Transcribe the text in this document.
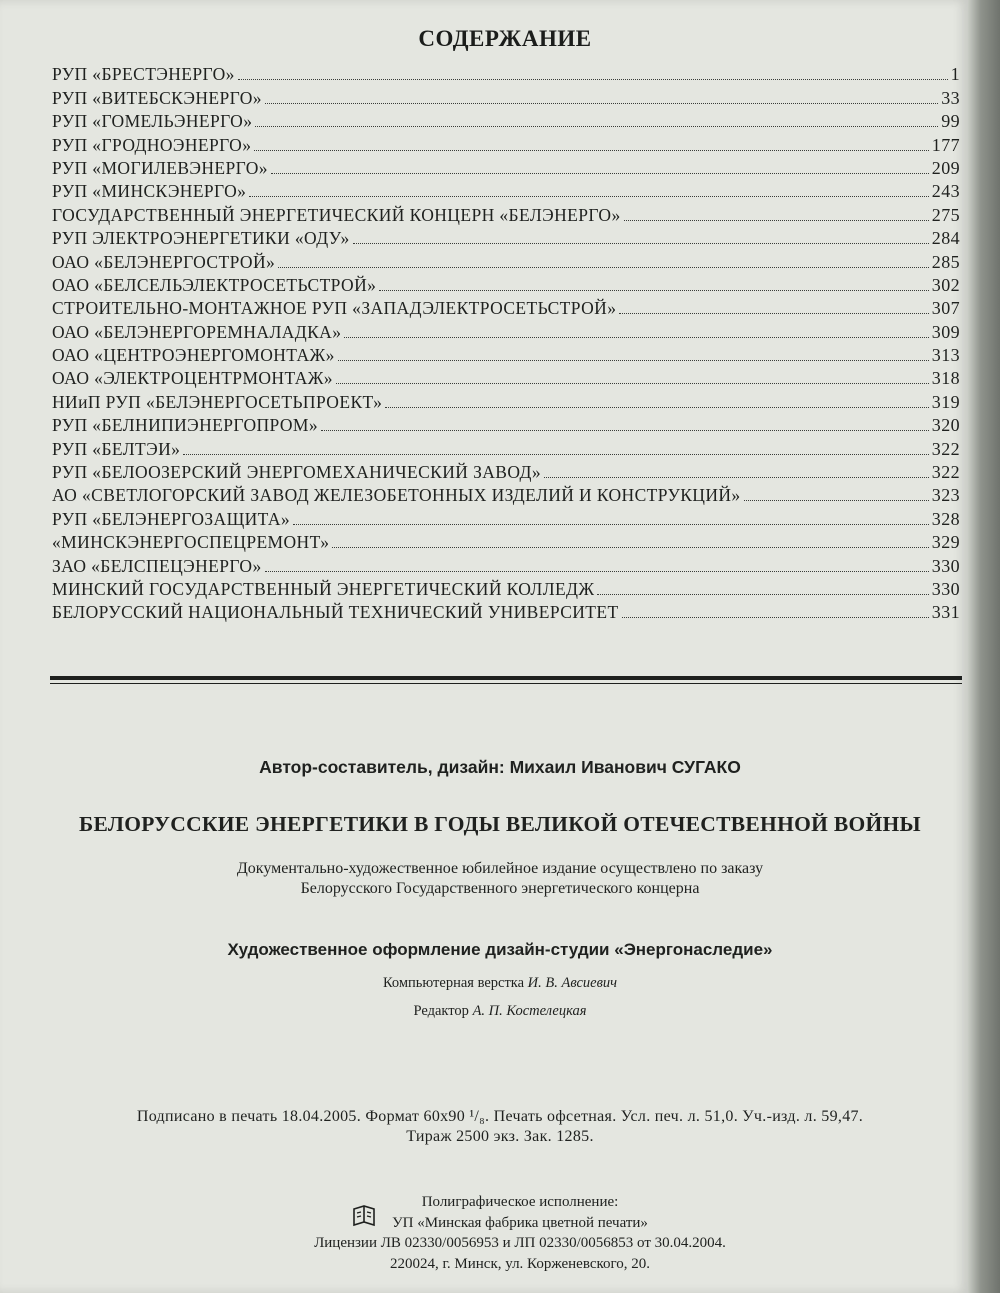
СОДЕРЖАНИЕ
РУП «БРЕСТЭНЕРГО»	1
РУП «ВИТЕБСКЭНЕРГО»	33
РУП «ГОМЕЛЬЭНЕРГО»	99
РУП «ГРОДНОЭНЕРГО»	177
РУП «МОГИЛЕВЭНЕРГО»	209
РУП «МИНСКЭНЕРГО»	243
ГОСУДАРСТВЕННЫЙ ЭНЕРГЕТИЧЕСКИЙ КОНЦЕРН «БЕЛЭНЕРГО»	275
РУП ЭЛЕКТРОЭНЕРГЕТИКИ «ОДУ»	284
ОАО «БЕЛЭНЕРГОСТРОЙ»	285
ОАО «БЕЛСЕЛЬЭЛЕКТРОСЕТЬСТРОЙ»	302
СТРОИТЕЛЬНО-МОНТАЖНОЕ РУП «ЗАПАДЭЛЕКТРОСЕТЬСТРОЙ»	307
ОАО «БЕЛЭНЕРГОРЕМНАЛАДКА»	309
ОАО «ЦЕНТРОЭНЕРГОМОНТАЖ»	313
ОАО «ЭЛЕКТРОЦЕНТРМОНТАЖ»	318
НИиП РУП «БЕЛЭНЕРГОСЕТЬПРОЕКТ»	319
РУП «БЕЛНИПИЭНЕРГОПРОМ»	320
РУП «БЕЛТЭИ»	322
РУП «БЕЛООЗЕРСКИЙ ЭНЕРГОМЕХАНИЧЕСКИЙ ЗАВОД»	322
АО «СВЕТЛОГОРСКИЙ ЗАВОД ЖЕЛЕЗОБЕТОННЫХ ИЗДЕЛИЙ И КОНСТРУКЦИЙ»	323
РУП «БЕЛЭНЕРГОЗАЩИТА»	328
«МИНСКЭНЕРГОСПЕЦРЕМОНТ»	329
ЗАО «БЕЛСПЕЦЭНЕРГО»	330
МИНСКИЙ ГОСУДАРСТВЕННЫЙ ЭНЕРГЕТИЧЕСКИЙ КОЛЛЕДЖ	330
БЕЛОРУССКИЙ НАЦИОНАЛЬНЫЙ ТЕХНИЧЕСКИЙ УНИВЕРСИТЕТ	331
Автор-составитель, дизайн: Михаил Иванович СУГАКО
БЕЛОРУССКИЕ ЭНЕРГЕТИКИ В ГОДЫ ВЕЛИКОЙ ОТЕЧЕСТВЕННОЙ ВОЙНЫ
Документально-художественное юбилейное издание осуществлено по заказу
Белорусского Государственного энергетического концерна
Художественное оформление дизайн-студии «Энергонаследие»
Компьютерная верстка И. В. Авсиевич
Редактор А. П. Костелецкая
Подписано в печать 18.04.2005. Формат 60x90 ¹/₈. Печать офсетная. Усл. печ. л. 51,0. Уч.-изд. л. 59,47.
Тираж 2500 экз. Зак. 1285.
Полиграфическое исполнение:
УП «Минская фабрика цветной печати»
Лицензии ЛВ 02330/0056953 и ЛП 02330/0056853 от 30.04.2004.
220024, г. Минск, ул. Корженевского, 20.
